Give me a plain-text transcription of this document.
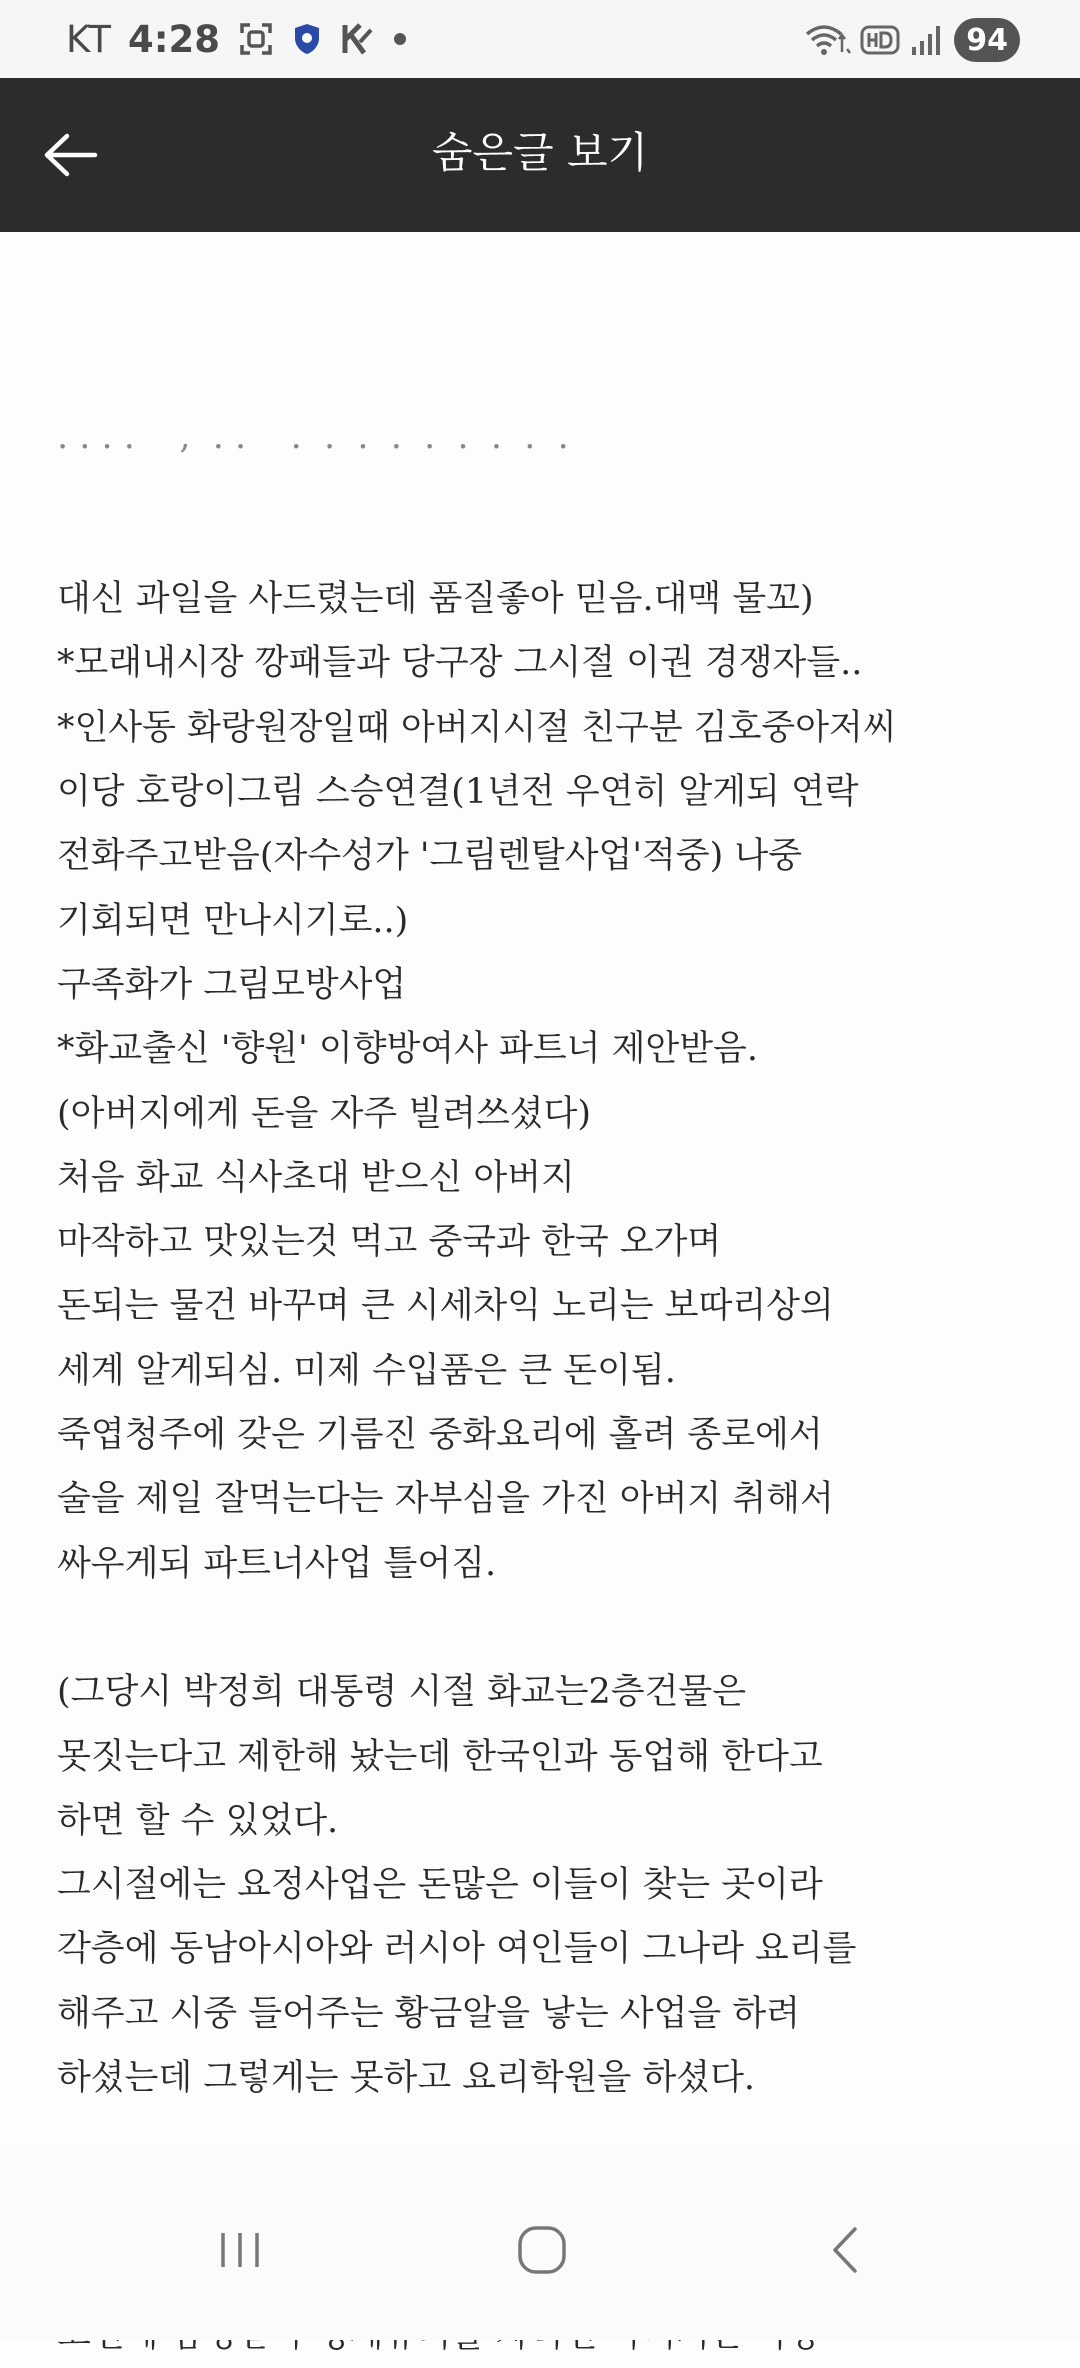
KT 4:28	94
숨은글 보기

. . . .    ,  . .    .  .  .  .  .  .  .  .  .

대신 과일을 사드렸는데 품질좋아 믿음.대맥 물꼬)
*모래내시장 깡패들과 당구장 그시절 이권 경쟁자들..
*인사동 화랑원장일때 아버지시절 친구분 김호중아저씨
이당 호랑이그림 스승연결(1년전 우연히 알게되 연락
전화주고받음(자수성가 '그림렌탈사업'적중) 나중
기회되면 만나시기로..)
구족화가 그림모방사업
*화교출신 '향원' 이향방여사 파트너 제안받음.
(아버지에게 돈을 자주 빌려쓰셨다)
처음 화교 식사초대 받으신 아버지
마작하고 맛있는것 먹고 중국과 한국 오가며
돈되는 물건 바꾸며 큰 시세차익 노리는 보따리상의
세계 알게되심. 미제 수입품은 큰 돈이됨.
죽엽청주에 갖은 기름진 중화요리에 홀려 종로에서
술을 제일 잘먹는다는 자부심을 가진 아버지 취해서
싸우게되 파트너사업 틀어짐.
(그당시 박정희 대통령 시절 화교는2층건물은
못짓는다고 제한해 놨는데 한국인과 동업해 한다고
하면 할 수 있었다.
그시절에는 요정사업은 돈많은 이들이 찾는 곳이라
각층에 동남아시아와 러시아 여인들이 그나라 요리를
해주고 시중 들어주는 황금알을 낳는 사업을 하려
하셨는데 그렇게는 못하고 요리학원을 하셨다.
